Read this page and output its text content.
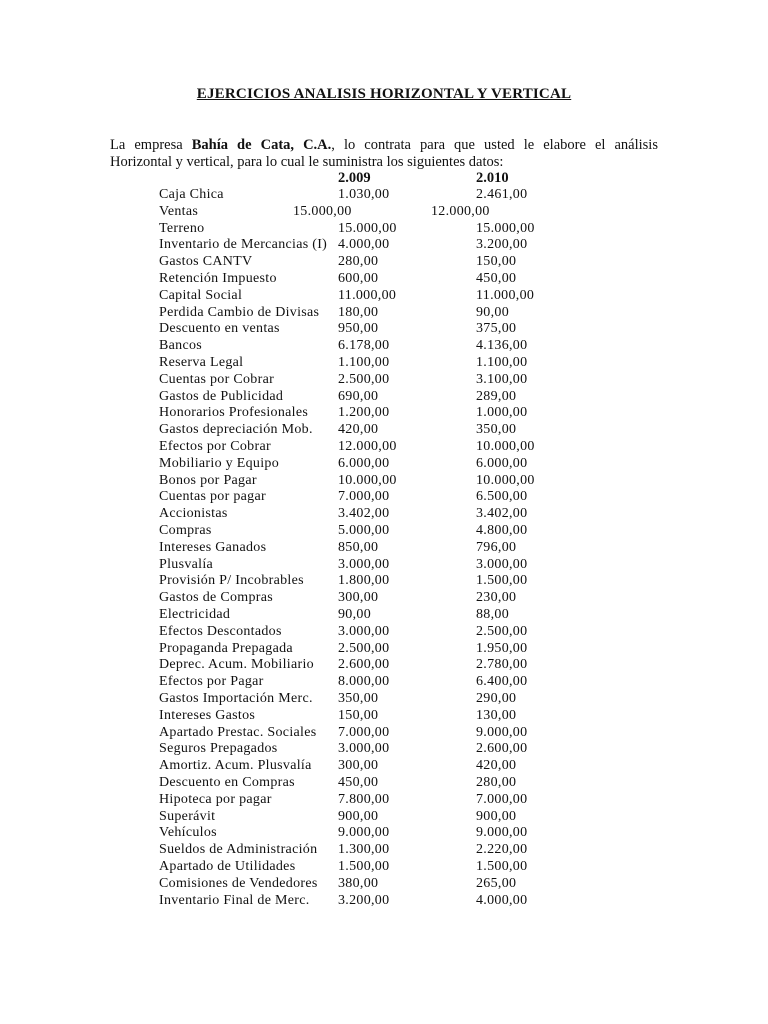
EJERCICIOS ANALISIS HORIZONTAL Y VERTICAL
La empresa Bahía de Cata, C.A., lo contrata para que usted le elabore el análisis
Horizontal y vertical, para lo cual le suministra los siguientes datos:
2.009	2.010
Caja Chica	1.030,00	2.461,00
Ventas	15.000,00	12.000,00
Terreno	15.000,00	15.000,00
Inventario de Mercancias (I) 4.000,00	3.200,00
Gastos CANTV	280,00	150,00
Retención Impuesto	600,00	450,00
Capital Social	11.000,00	11.000,00
Perdida Cambio de Divisas 180,00	90,00
Descuento en ventas	950,00	375,00
Bancos	6.178,00	4.136,00
Reserva Legal	1.100,00	1.100,00
Cuentas por Cobrar	2.500,00	3.100,00
Gastos de Publicidad	690,00	289,00
Honorarios Profesionales 1.200,00	1.000,00
Gastos depreciación Mob. 420,00	350,00
Efectos por Cobrar	12.000,00	10.000,00
Mobiliario y Equipo	6.000,00	6.000,00
Bonos por Pagar	10.000,00	10.000,00
Cuentas por pagar	7.000,00	6.500,00
Accionistas	3.402,00	3.402,00
Compras	5.000,00	4.800,00
Intereses Ganados	850,00	796,00
Plusvalía	3.000,00	3.000,00
Provisión P/ Incobrables 1.800,00	1.500,00
Gastos de Compras	300,00	230,00
Electricidad	90,00	88,00
Efectos Descontados	3.000,00	2.500,00
Propaganda Prepagada	2.500,00	1.950,00
Deprec. Acum. Mobiliario 2.600,00	2.780,00
Efectos por Pagar	8.000,00	6.400,00
Gastos Importación Merc. 350,00	290,00
Intereses Gastos	150,00	130,00
Apartado Prestac. Sociales 7.000,00	9.000,00
Seguros Prepagados	3.000,00	2.600,00
Amortiz. Acum. Plusvalía 300,00	420,00
Descuento en Compras	450,00	280,00
Hipoteca por pagar	7.800,00	7.000,00
Superávit	900,00	900,00
Vehículos	9.000,00	9.000,00
Sueldos de Administración 1.300,00	2.220,00
Apartado de Utilidades	1.500,00	1.500,00
Comisiones de Vendedores 380,00	265,00
Inventario Final de Merc. 3.200,00	4.000,00
